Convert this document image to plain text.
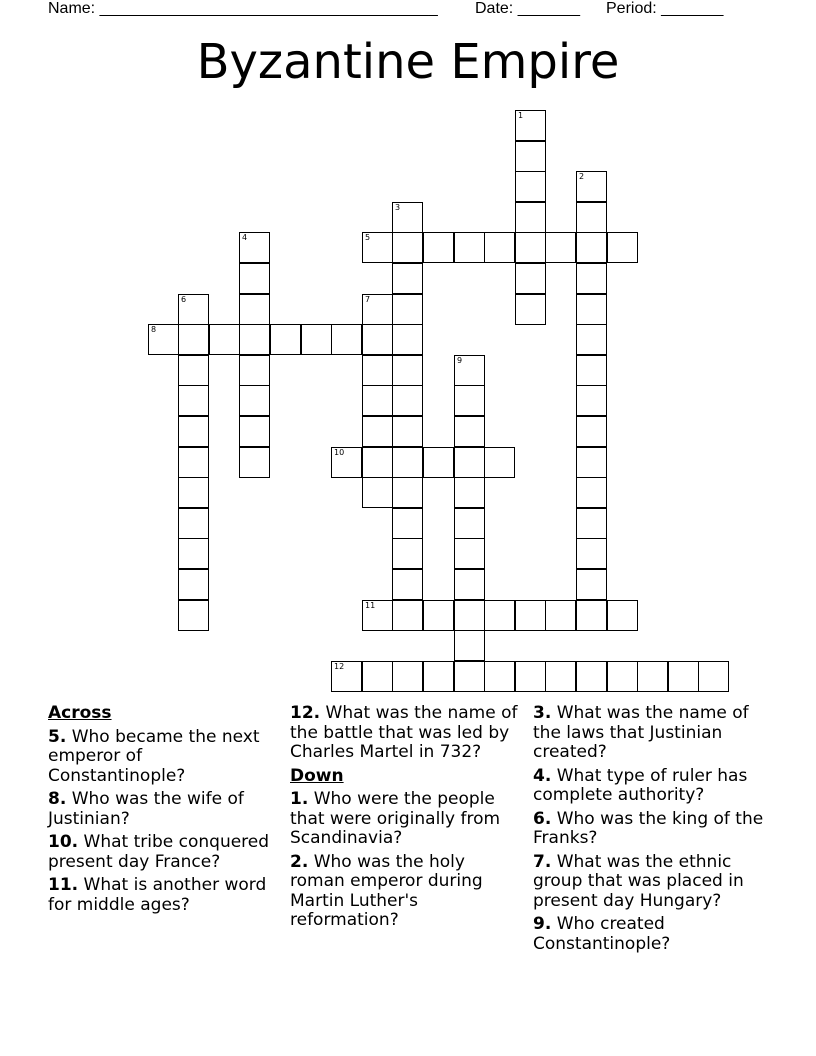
Name: ______________________________________ Date: _______ Period: _______
Byzantine Empire
1
2
3
4	5
6	7
8
9
10
11
12
Across
5. Who became the next emperor of Constantinople?
8. Who was the wife of Justinian?
10. What tribe conquered present day France?
11. What is another word for middle ages?
12. What was the name of the battle that was led by Charles Martel in 732?
Down
1. Who were the people that were originally from Scandinavia?
2. Who was the holy roman emperor during Martin Luther's reformation?
3. What was the name of the laws that Justinian created?
4. What type of ruler has complete authority?
6. Who was the king of the Franks?
7. What was the ethnic group that was placed in present day Hungary?
9. Who created Constantinople?
